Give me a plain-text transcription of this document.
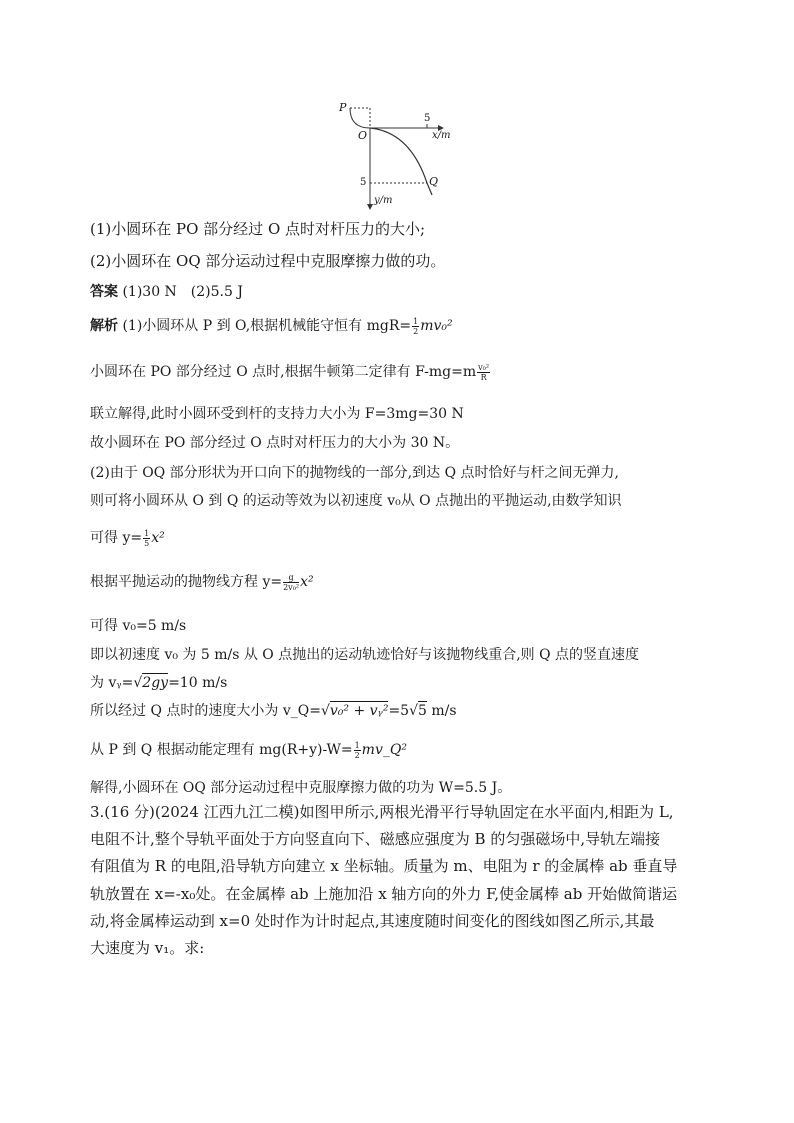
P
O
Q
5
5
x/m
y/m
(1)小圆环在 PO 部分经过 O 点时对杆压力的大小;
(2)小圆环在 OQ 部分运动过程中克服摩擦力做的功。
答案 (1)30 N　(2)5.5 J
解析 (1)小圆环从 P 到 O,根据机械能守恒有 $mgR= \frac{1}{2} mv_0^2$
小圆环在 PO 部分经过 O 点时,根据牛顿第二定律有 $F-mg=m \frac{\text{v₀²}}{R}$
联立解得,此时小圆环受到杆的支持力大小为 F=3mg=30 N
故小圆环在 PO 部分经过 O 点时对杆压力的大小为 30 N。
(2)由于 OQ 部分形状为开口向下的抛物线的一部分,到达 Q 点时恰好与杆之间无弹力,
则可将小圆环从 O 到 Q 的运动等效为以初速度 v₀从 O 点抛出的平抛运动,由数学知识
可得 $y= \frac{1}{5} x^2$
根据平抛运动的抛物线方程 $y= \frac{g}{\text{2v₀²}} x^2$
可得 v₀=5 m/s
即以初速度 v₀ 为 5 m/s 从 O 点抛出的运动轨迹恰好与该抛物线重合,则 Q 点的竖直速度
为 vᵧ=√2gy=10 m/s
所以经过 Q 点时的速度大小为 v_Q=√v₀² + vᵧ²=5√5 m/s
从 P 到 Q 根据动能定理有 $mg(R+y)-W= \frac{1}{2}$ mv_Q²
解得,小圆环在 OQ 部分运动过程中克服摩擦力做的功为 W=5.5 J。
3.(16 分)(2024 江西九江二模)如图甲所示,两根光滑平行导轨固定在水平面内,相距为 L,
电阻不计,整个导轨平面处于方向竖直向下、磁感应强度为 B 的匀强磁场中,导轨左端接
有阻值为 R 的电阻,沿导轨方向建立 x 坐标轴。质量为 m、电阻为 r 的金属棒 ab 垂直导
轨放置在 x=-x₀处。在金属棒 ab 上施加沿 x 轴方向的外力 F,使金属棒 ab 开始做简谐运
动,将金属棒运动到 x=0 处时作为计时起点,其速度随时间变化的图线如图乙所示,其最
大速度为 v₁。求:
